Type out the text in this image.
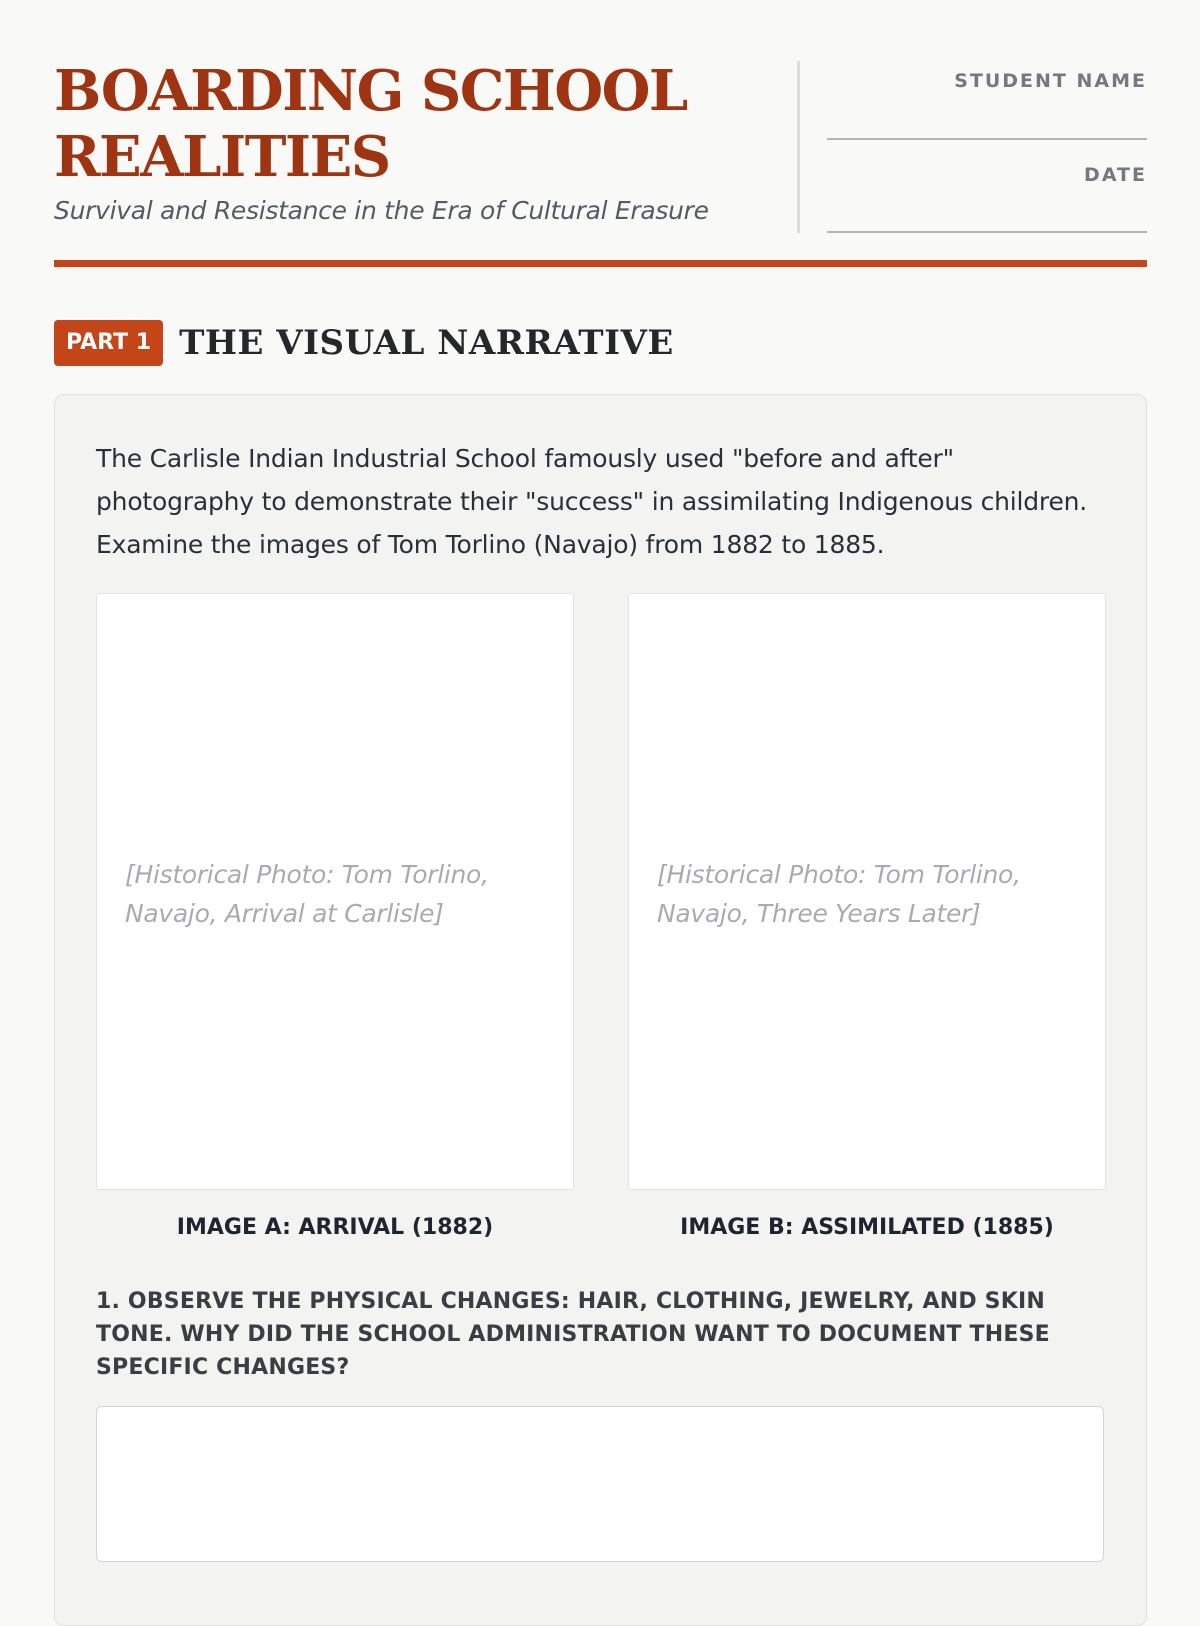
BOARDING SCHOOL
REALITIES
Survival and Resistance in the Era of Cultural Erasure
STUDENT NAME
DATE
PART 1 THE VISUAL NARRATIVE

The Carlisle Indian Industrial School famously used "before and after" photography to demonstrate their "success" in assimilating Indigenous children. Examine the images of Tom Torlino (Navajo) from 1882 to 1885.

[Historical Photo: Tom Torlino, Navajo, Arrival at Carlisle]
[Historical Photo: Tom Torlino, Navajo, Three Years Later]
IMAGE A: ARRIVAL (1882)	IMAGE B: ASSIMILATED (1885)

1. OBSERVE THE PHYSICAL CHANGES: HAIR, CLOTHING, JEWELRY, AND SKIN TONE. WHY DID THE SCHOOL ADMINISTRATION WANT TO DOCUMENT THESE SPECIFIC CHANGES?
